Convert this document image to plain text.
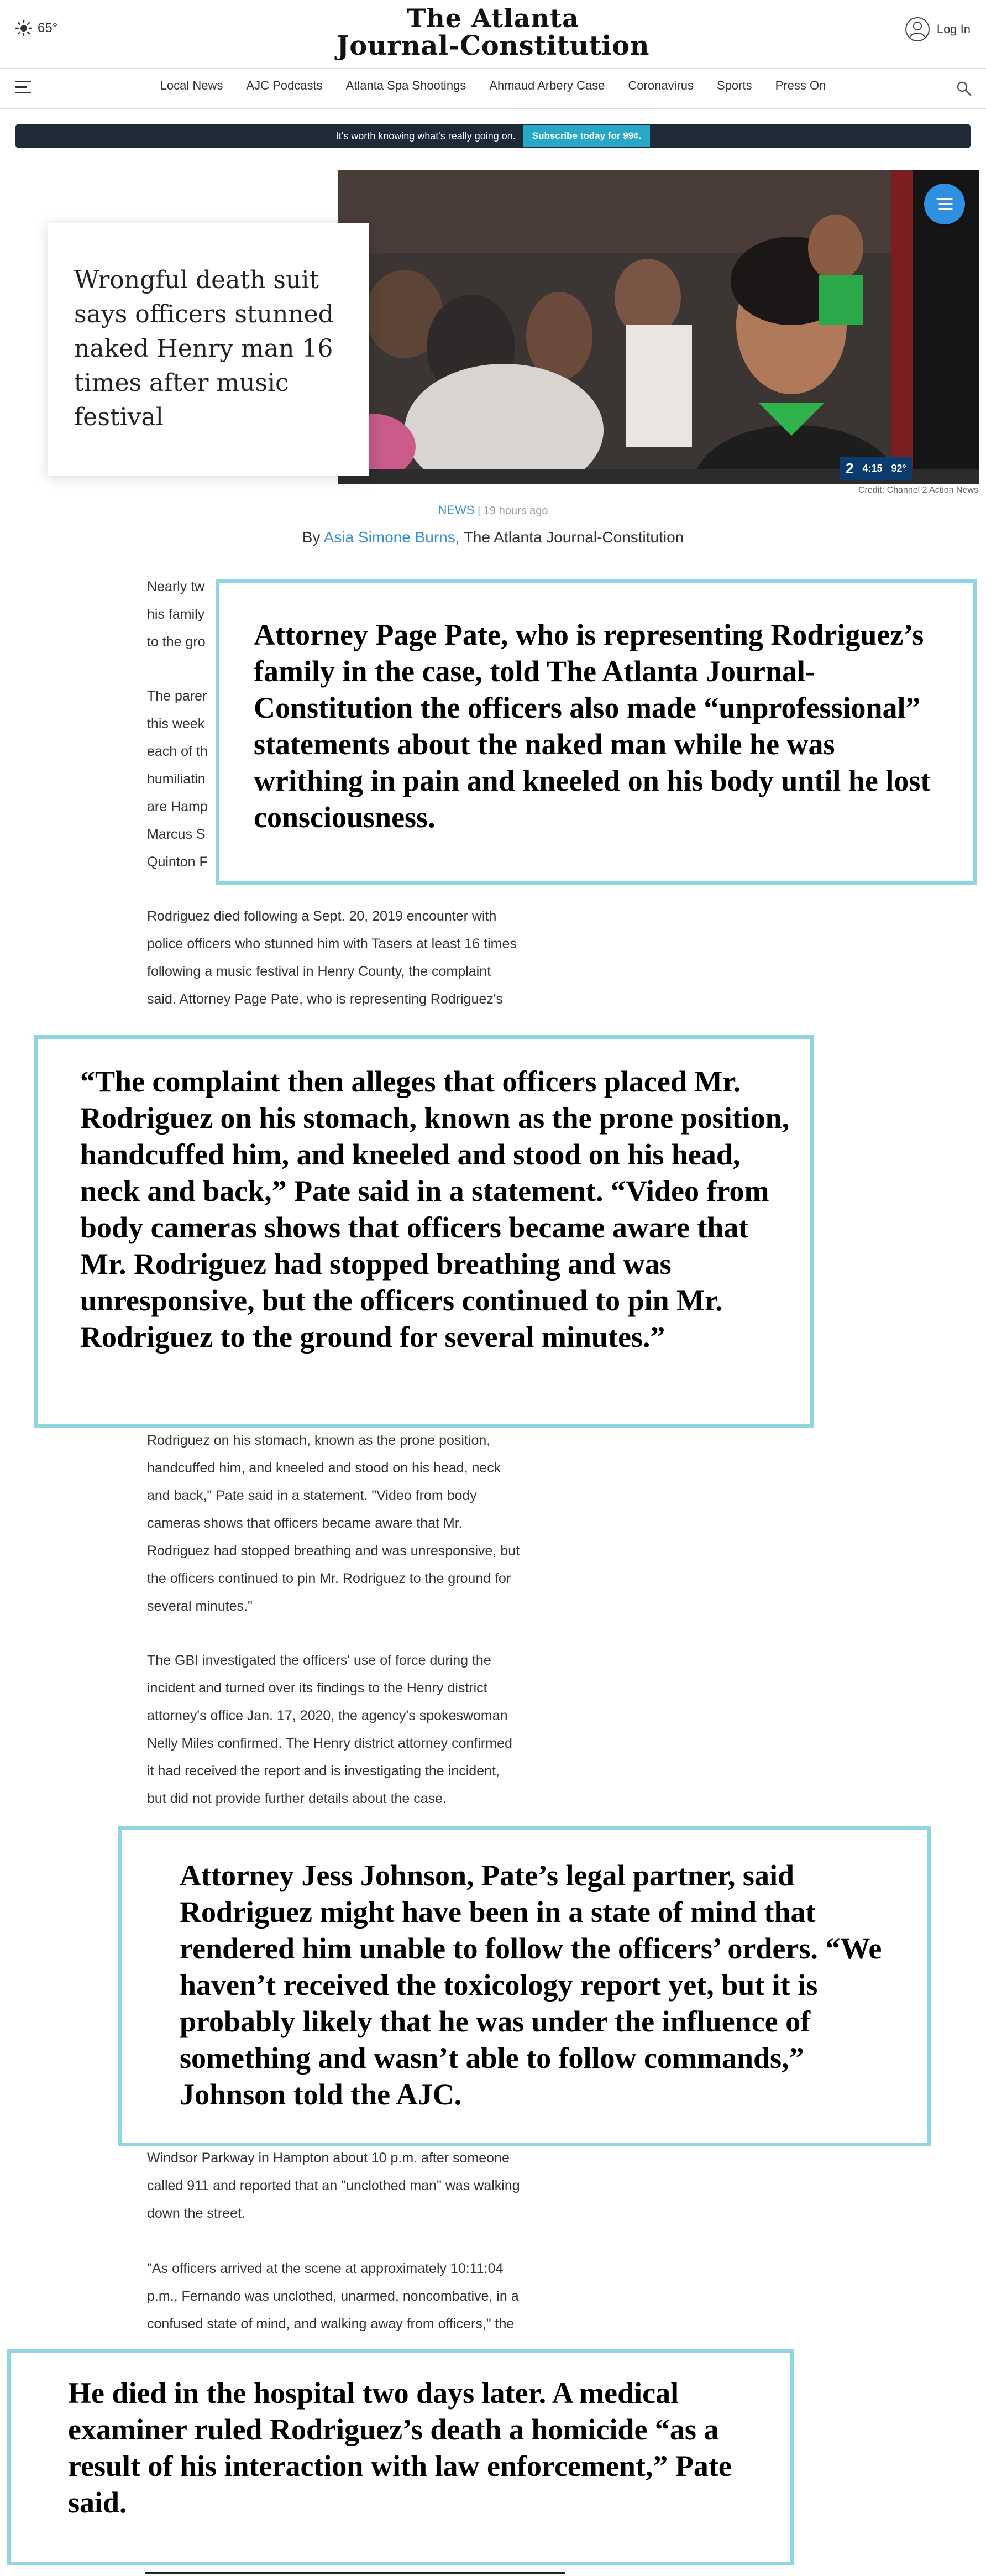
65°	The Atlanta
Journal-Constitution
Log In
Local News AJC Podcasts Atlanta Spa Shootings Ahmaud Arbery Case Coronavirus Sports Press On
It's worth knowing what's really going on.	Subscribe today for 99¢.
2 4:15 92°
Wrongful death suit says officers stunned naked Henry man 16 times after music festival
Credit: Channel 2 Action News
NEWS | 19 hours ago
By Asia Simone Burns, The Atlanta Journal-Constitution
Nearly tw
his family
to the gro
The parer
this week
each of th
humiliatin
are Hamp
Marcus S
Quinton F
Rodriguez died following a Sept. 20, 2019 encounter with
police officers who stunned him with Tasers at least 16 times
following a music festival in Henry County, the complaint
said. Attorney Page Pate, who is representing Rodriguez's
Rodriguez on his stomach, known as the prone position,
handcuffed him, and kneeled and stood on his head, neck
and back," Pate said in a statement. "Video from body
cameras shows that officers became aware that Mr.
Rodriguez had stopped breathing and was unresponsive, but
the officers continued to pin Mr. Rodriguez to the ground for
several minutes."
The GBI investigated the officers' use of force during the
incident and turned over its findings to the Henry district
attorney's office Jan. 17, 2020, the agency's spokeswoman
Nelly Miles confirmed. The Henry district attorney confirmed
it had received the report and is investigating the incident,
but did not provide further details about the case.
Windsor Parkway in Hampton about 10 p.m. after someone
called 911 and reported that an "unclothed man" was walking
down the street.
"As officers arrived at the scene at approximately 10:11:04
p.m., Fernando was unclothed, unarmed, noncombative, in a
confused state of mind, and walking away from officers," the

Attorney Page Pate, who is representing Rodriguez’s family in the case, told The Atlanta Journal-Constitution the officers also made “unprofessional” statements about the naked man while he was writhing in pain and kneeled on his body until he lost consciousness.

“The complaint then alleges that officers placed Mr. Rodriguez on his stomach, known as the prone position, handcuffed him, and kneeled and stood on his head, neck and back,” Pate said in a statement. “Video from body cameras shows that officers became aware that Mr. Rodriguez had stopped breathing and was unresponsive, but the officers continued to pin Mr. Rodriguez to the ground for several minutes.”

Attorney Jess Johnson, Pate’s legal partner, said Rodriguez might have been in a state of mind that rendered him unable to follow the officers’ orders. “We haven’t received the toxicology report yet, but it is probably likely that he was under the influence of something and wasn’t able to follow commands,” Johnson told the AJC.

He died in the hospital two days later. A medical examiner ruled Rodriguez’s death a homicide “as a result of his interaction with law enforcement,” Pate said.
